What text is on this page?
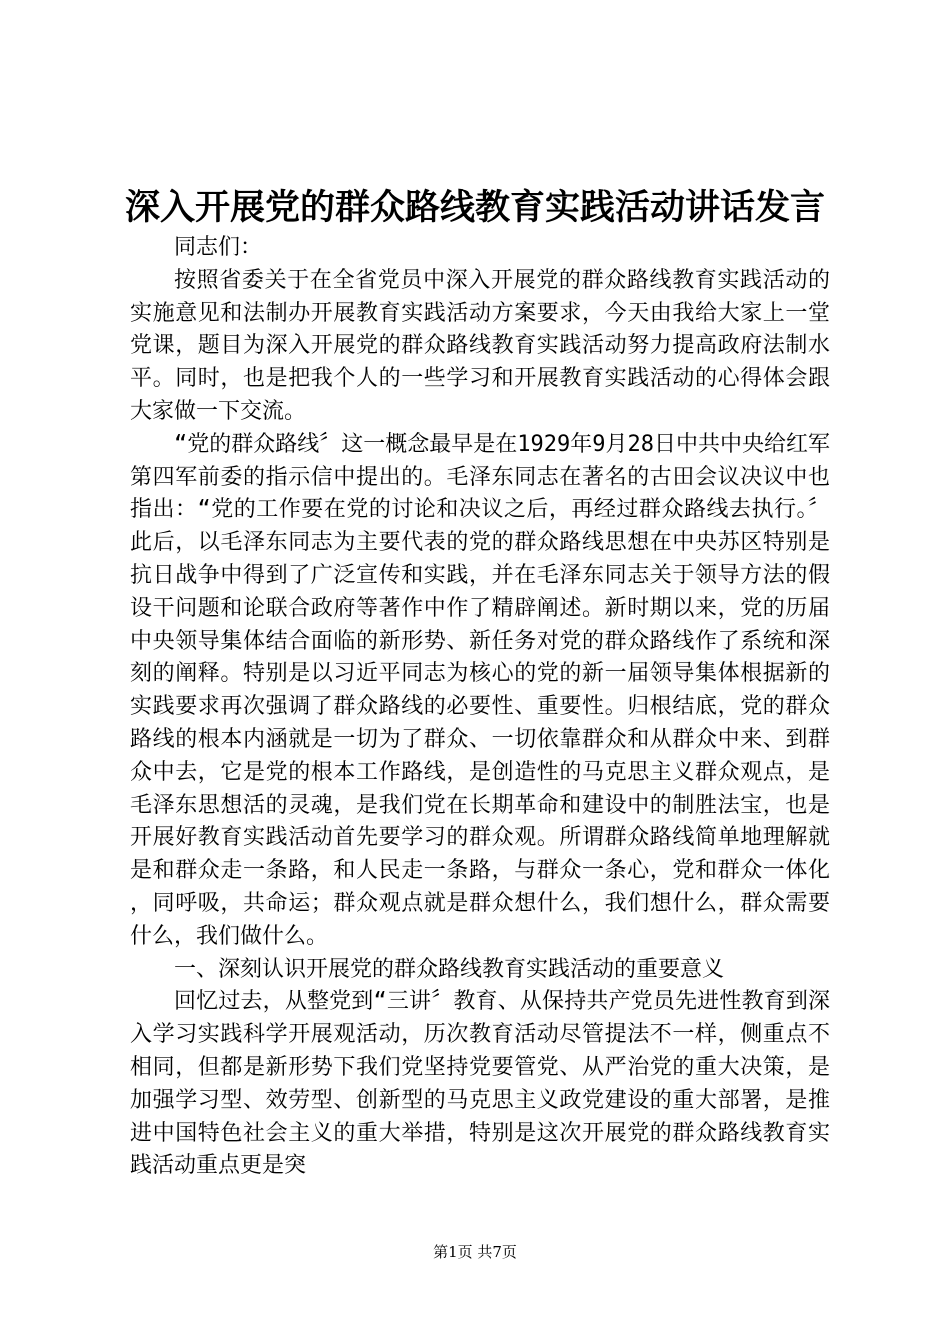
深入开展党的群众路线教育实践活动讲话发言

同志们：

按照省委关于在全省党员中深入开展党的群众路线教育实践活动的实施意见和法制办开展教育实践活动方案要求，今天由我给大家上一堂党课，题目为深入开展党的群众路线教育实践活动努力提高政府法制水平。同时，也是把我个人的一些学习和开展教育实践活动的心得体会跟大家做一下交流。

“党的群众路线〞这一概念最早是在1929年9月28日中共中央给红军第四军前委的指示信中提出的。毛泽东同志在著名的古田会议决议中也指出：“党的工作要在党的讨论和决议之后，再经过群众路线去执行。〞此后，以毛泽东同志为主要代表的党的群众路线思想在中央苏区特别是抗日战争中得到了广泛宣传和实践，并在毛泽东同志关于领导方法的假设干问题和论联合政府等著作中作了精辟阐述。新时期以来，党的历届中央领导集体结合面临的新形势、新任务对党的群众路线作了系统和深刻的阐释。特别是以习近平同志为核心的党的新一届领导集体根据新的实践要求再次强调了群众路线的必要性、重要性。归根结底，党的群众路线的根本内涵就是一切为了群众、一切依靠群众和从群众中来、到群众中去，它是党的根本工作路线，是创造性的马克思主义群众观点，是毛泽东思想活的灵魂，是我们党在长期革命和建设中的制胜法宝，也是开展好教育实践活动首先要学习的群众观。所谓群众路线简单地理解就是和群众走一条路，和人民走一条路，与群众一条心，党和群众一体化，同呼吸，共命运；群众观点就是群众想什么，我们想什么，群众需要什么，我们做什么。

一、深刻认识开展党的群众路线教育实践活动的重要意义

回忆过去，从整党到“三讲〞教育、从保持共产党员先进性教育到深入学习实践科学开展观活动，历次教育活动尽管提法不一样，侧重点不相同，但都是新形势下我们党坚持党要管党、从严治党的重大决策，是加强学习型、效劳型、创新型的马克思主义政党建设的重大部署，是推进中国特色社会主义的重大举措，特别是这次开展党的群众路线教育实践活动重点更是突

第1页 共7页
